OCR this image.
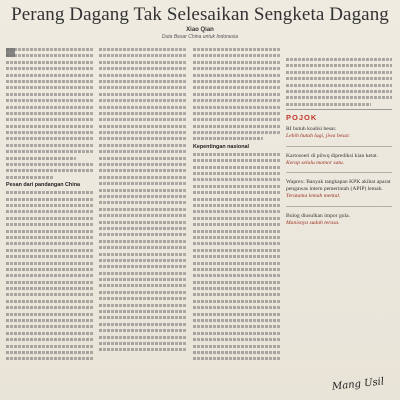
Perang Dagang Tak Selesaikan Sengketa Dagang
Xiao Qian
Duta Besar China untuk Indonesia
Pesan dari pandangan China
Kepentingan nasional
POJOK
RI butuh koalisi besar.
Lebih butuh lagi, jiwa besar.
Kartosoeri di pilwq diprediksi kian ketat.
Kerap selalu momor satu.
Waprex: Banyak tangkapan KPK akibat aparat pengawas intern pemerintah (APIP) lemah.
Terutama lemah mental.
Bulog diusulkan impor gula.
Manisnya sudah terasa.
Mang Usil
